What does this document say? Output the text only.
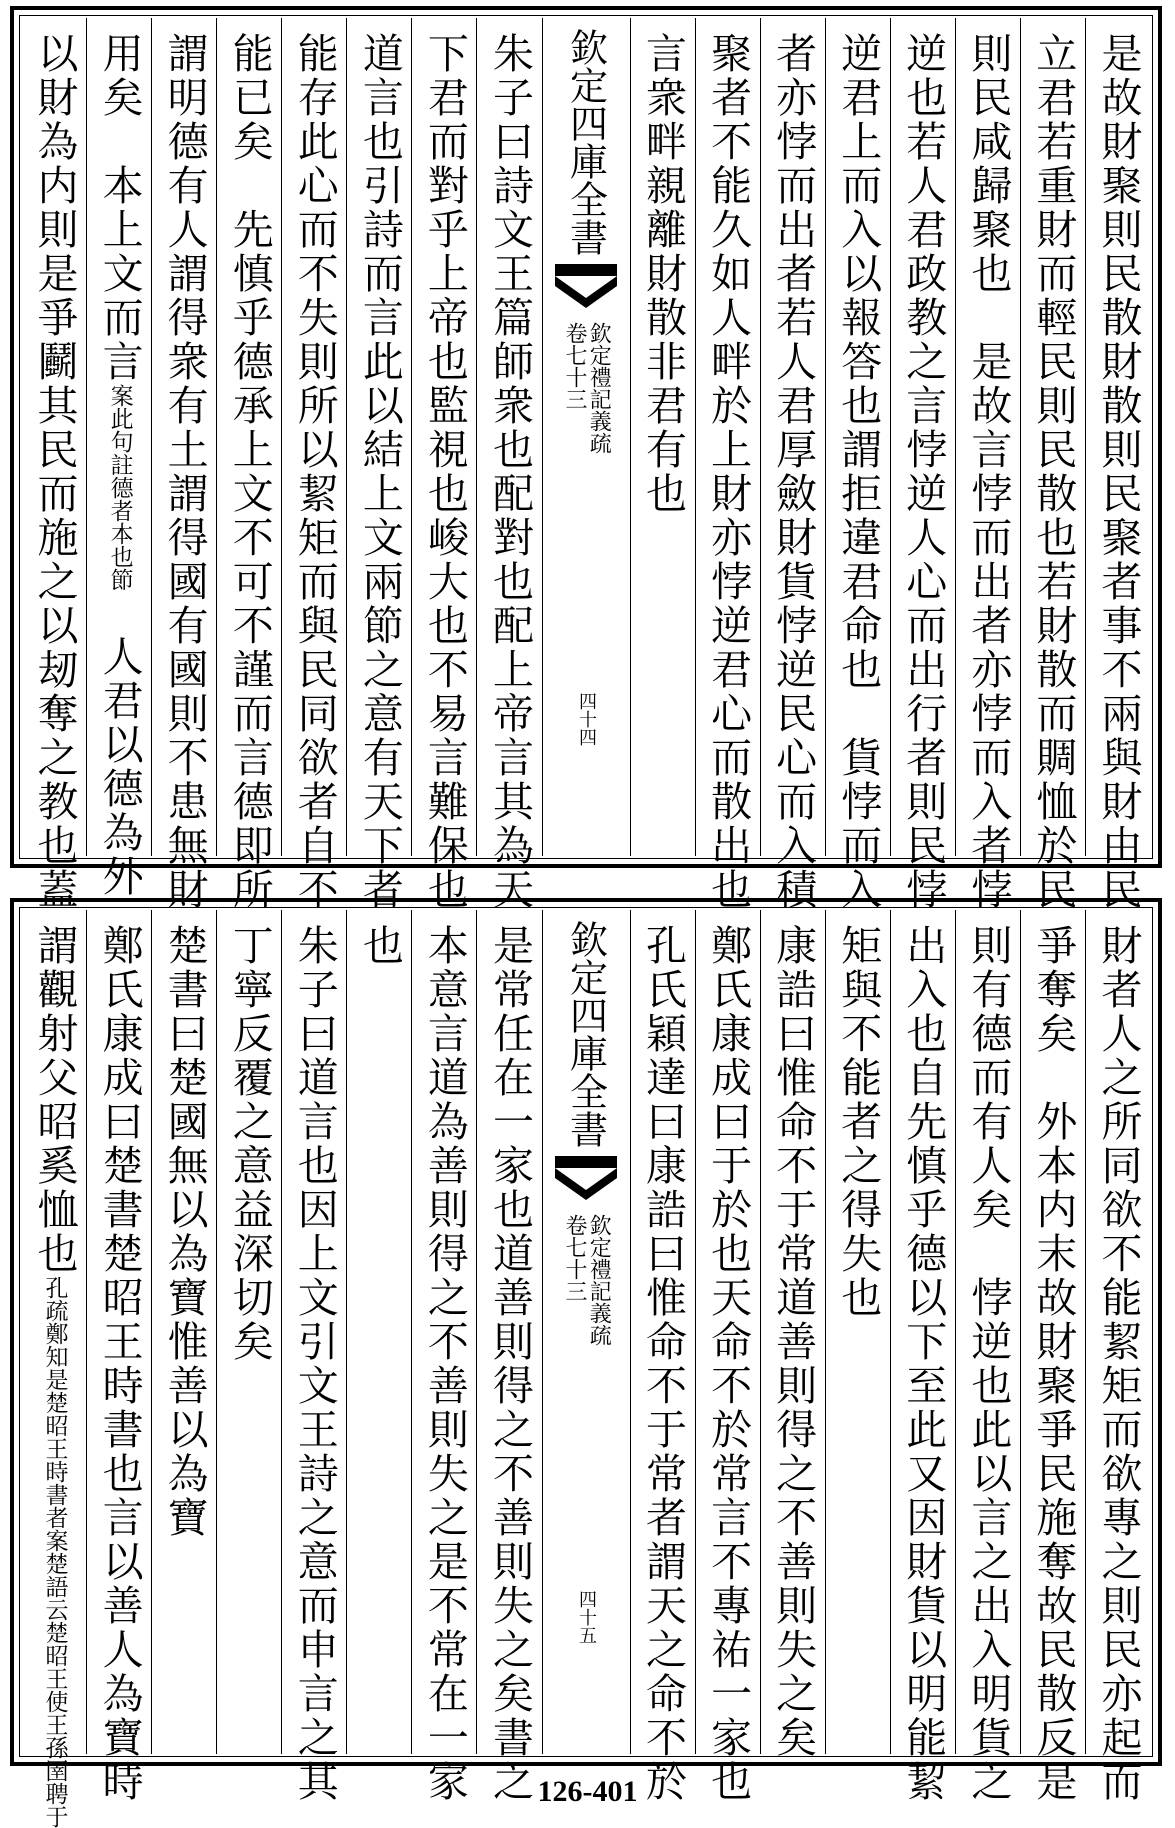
是故財聚則民散財散則民聚者事不兩與財由民
立君若重財而輕民則民散也若財散而賙恤於民
則民咸歸聚也　是故言悖而出者亦悖而入者悖
逆也若人君政教之言悖逆人心而出行者則民悖
逆君上而入以報答也謂拒違君命也　貨悖而入
者亦悖而出者若人君厚斂財貨悖逆民心而入積
聚者不能久如人畔於上財亦悖逆君心而散出也
言衆畔親離財散非君有也
欽定四庫全書
欽定禮記義疏
卷七十三
四十四
朱子曰詩文王篇師衆也配對也配上帝言其為天
下君而對乎上帝也監視也峻大也不易言難保也
道言也引詩而言此以結上文兩節之意有天下者
能存此心而不失則所以絜矩而與民同欲者自不
能已矣　先慎乎德承上文不可不謹而言德即所
謂明德有人謂得衆有土謂得國有國則不患無財
用矣　本上文而言案此句註德者本也節　人君以德為外
以財為内則是爭鬬其民而施之以刼奪之教也蓋
財者人之所同欲不能絜矩而欲專之則民亦起而
爭奪矣　外本内末故財聚爭民施奪故民散反是
則有德而有人矣　悖逆也此以言之出入明貨之
出入也自先慎乎德以下至此又因財貨以明能絜
矩與不能者之得失也
康誥曰惟命不于常道善則得之不善則失之矣
鄭氏康成曰于於也天命不於常言不專祐一家也
孔氏穎達曰康誥曰惟命不于常者謂天之命不於
欽定四庫全書
欽定禮記義疏
卷七十三
四十五
是常任在一家也道善則得之不善則失之矣書之
本意言道為善則得之不善則失之是不常在一家
也
朱子曰道言也因上文引文王詩之意而申言之其
丁寧反覆之意益深切矣
楚書曰楚國無以為寶惟善以為寶
鄭氏康成曰楚書楚昭王時書也言以善人為寶時
謂觀射父昭奚恤也孔疏鄭知是楚昭王時書者案楚語云楚昭王使王孫圉聘于	126-401
